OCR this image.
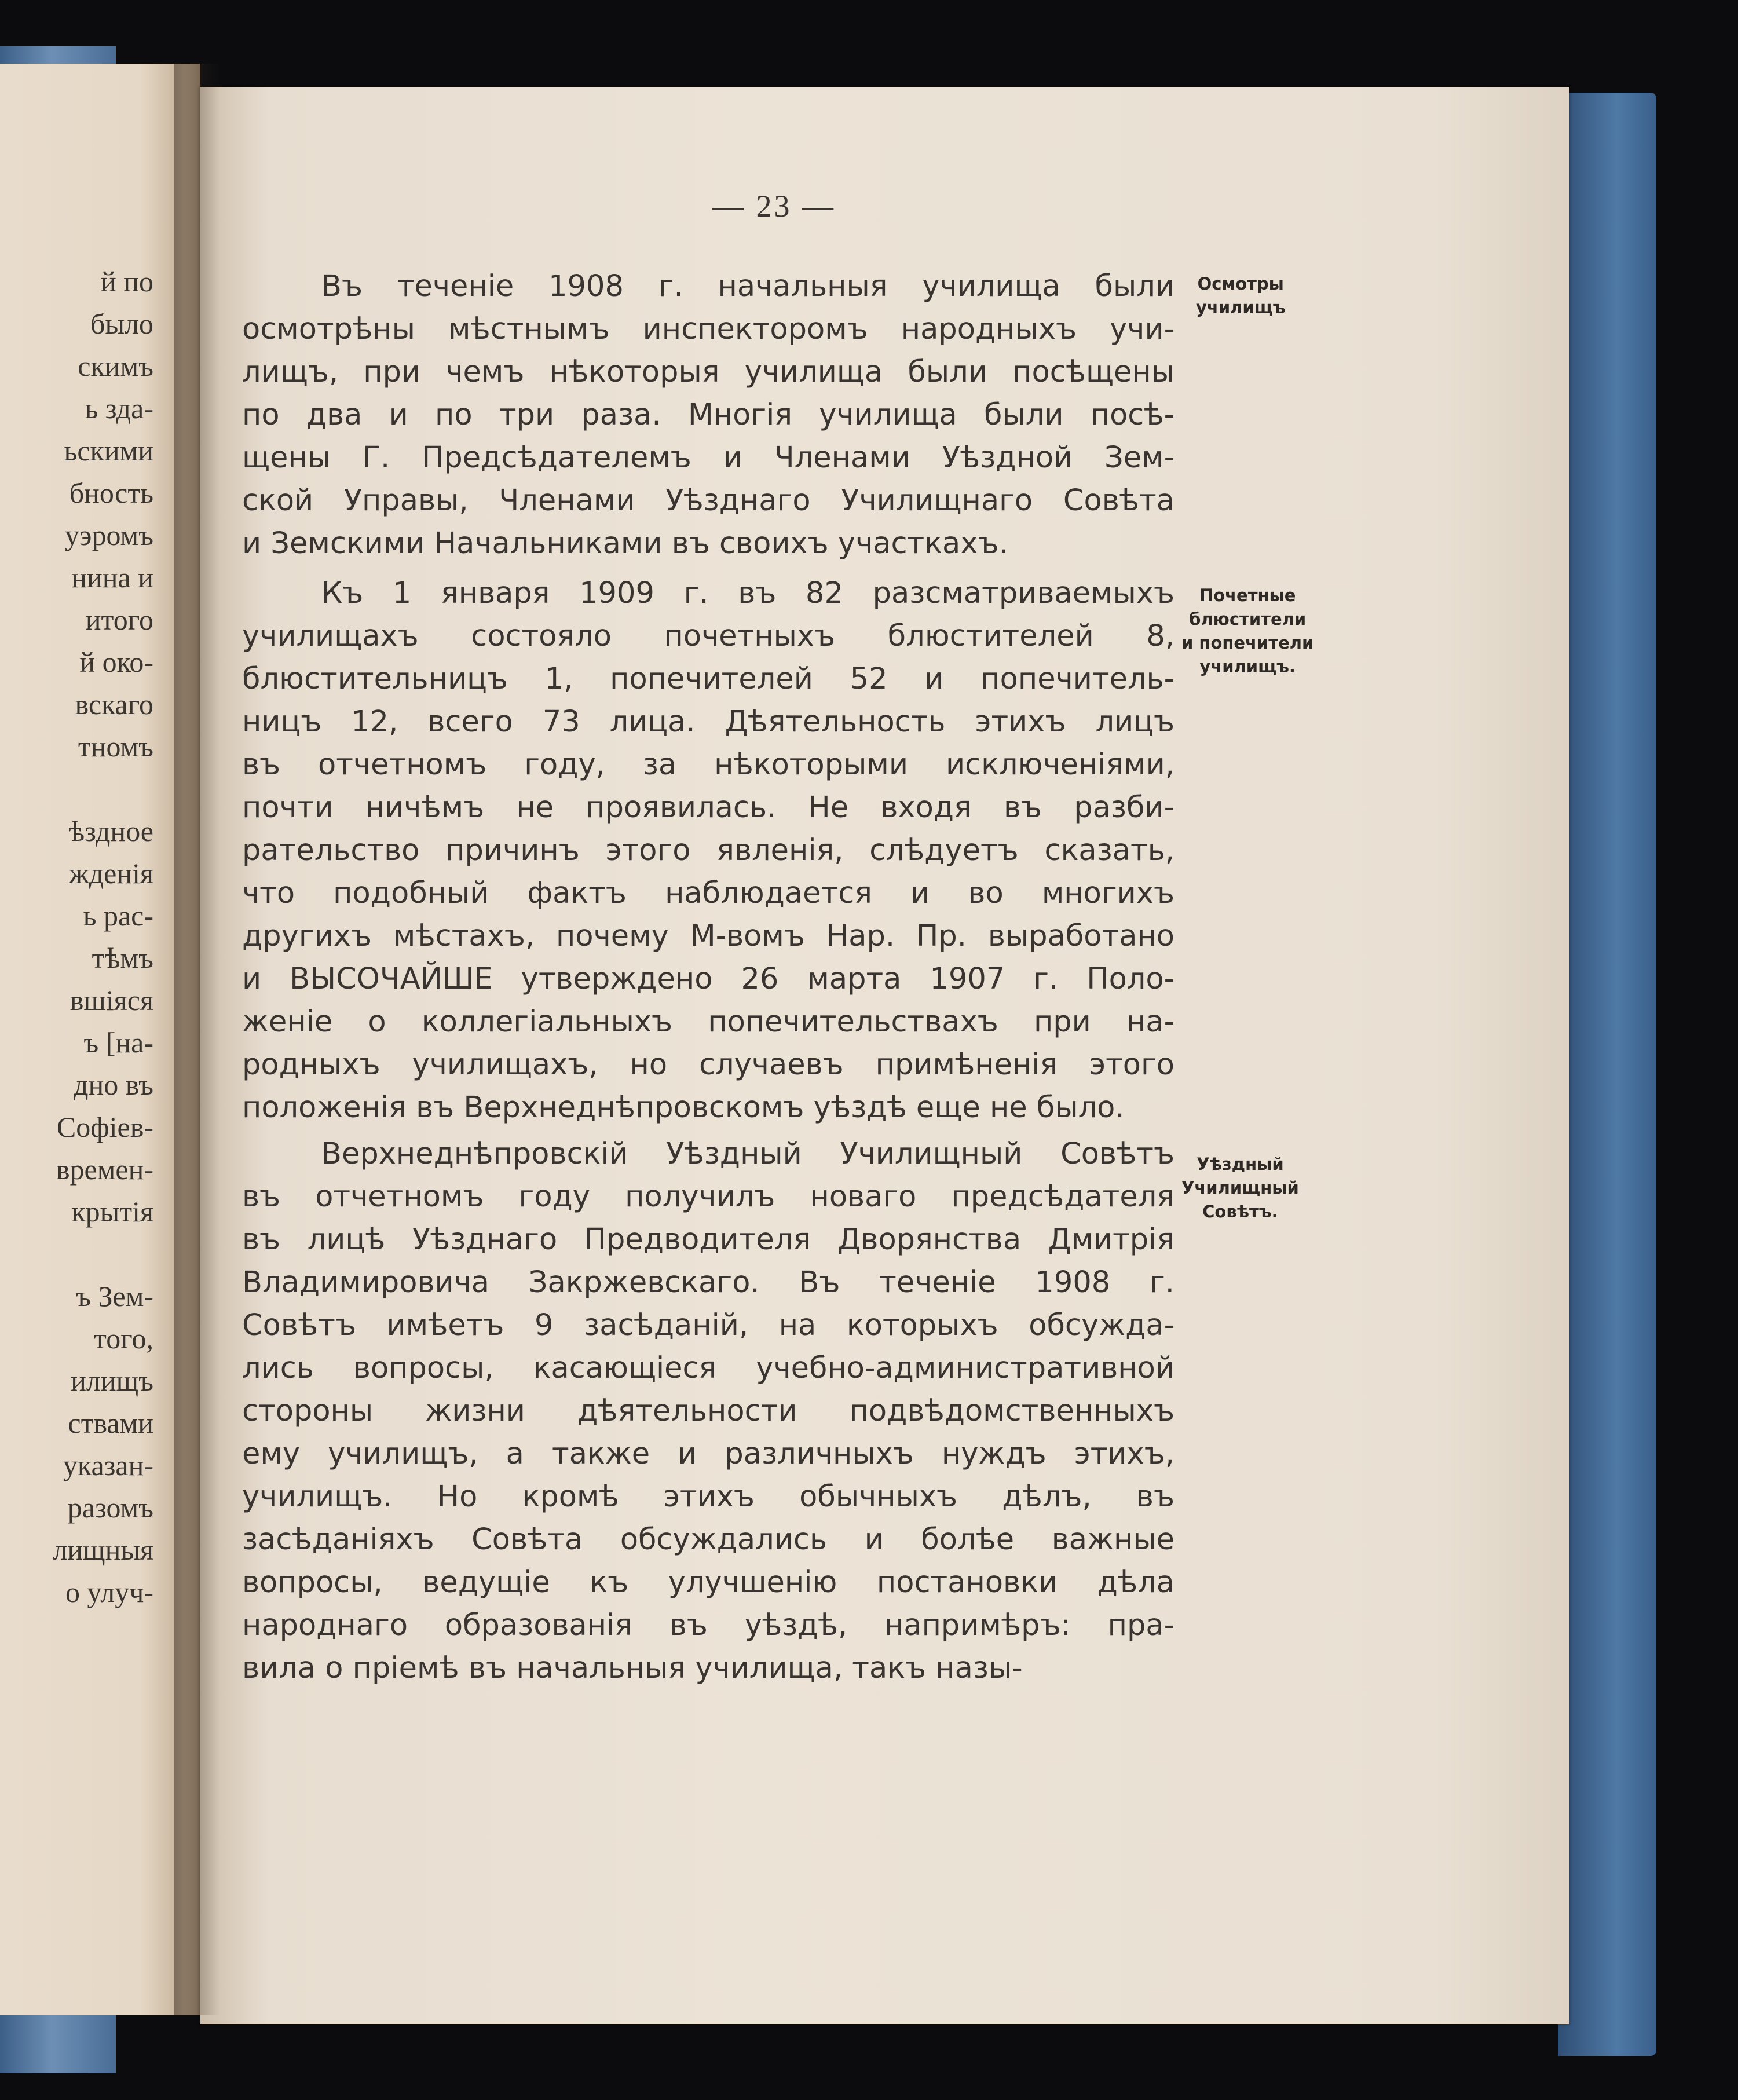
й по
было
скимъ
ь зда-
ьскими
бность
уэромъ
нина и
итого
й око-
вскаго
тномъ
ѣздное
жденія
ь рас-
тѣмъ
вшіяся
ъ [на-
дно въ
Софіев-
времен-
крытія
ъ Зем-
того,
илищъ
ствами
указан-
разомъ
лищныя
о улуч-
— 23 —
Въ теченіе 1908 г. начальныя училища были
осмотрѣны мѣстнымъ инспекторомъ народныхъ учи-
лищъ, при чемъ нѣкоторыя училища были посѣщены
по два и по три раза. Многія училища были посѣ-
щены Г. Предсѣдателемъ и Членами Уѣздной Зем-
ской Управы, Членами Уѣзднаго Училищнаго Совѣта
и Земскими Начальниками въ своихъ участкахъ.
Къ 1 января 1909 г. въ 82 разсматриваемыхъ
училищахъ состояло почетныхъ блюстителей 8,
блюстительницъ 1, попечителей 52 и попечитель-
ницъ 12, всего 73 лица. Дѣятельность этихъ лицъ
въ отчетномъ году, за нѣкоторыми исключеніями,
почти ничѣмъ не проявилась. Не входя въ разби-
рательство причинъ этого явленія, слѣдуетъ сказать,
что подобный фактъ наблюдается и во многихъ
другихъ мѣстахъ, почему М-вомъ Нар. Пр. выработано
и ВЫСОЧАЙШЕ утверждено 26 марта 1907 г. Поло-
женіе о коллегіальныхъ попечительствахъ при на-
родныхъ училищахъ, но случаевъ примѣненія этого
положенія въ Верхнеднѣпровскомъ уѣздѣ еще не было.
Верхнеднѣпровскій Уѣздный Училищный Совѣтъ
въ отчетномъ году получилъ новаго предсѣдателя
въ лицѣ Уѣзднаго Предводителя Дворянства Дмитрія
Владимировича Закржевскаго. Въ теченіе 1908 г.
Совѣтъ имѣетъ 9 засѣданій, на которыхъ обсужда-
лись вопросы, касающіеся учебно-административной
стороны жизни дѣятельности подвѣдомственныхъ
ему училищъ, а также и различныхъ нуждъ этихъ,
училищъ. Но кромѣ этихъ обычныхъ дѣлъ, въ
засѣданіяхъ Совѣта обсуждались и болѣе важные
вопросы, ведущіе къ улучшенію постановки дѣла
народнаго образованія въ уѣздѣ, напримѣръ: пра-
вила о пріемѣ въ начальныя училища, такъ назы-
Осмотры
училищъ
Почетные
блюстители
и попечители
училищъ.
Уѣздный
Училищный
Совѣтъ.
